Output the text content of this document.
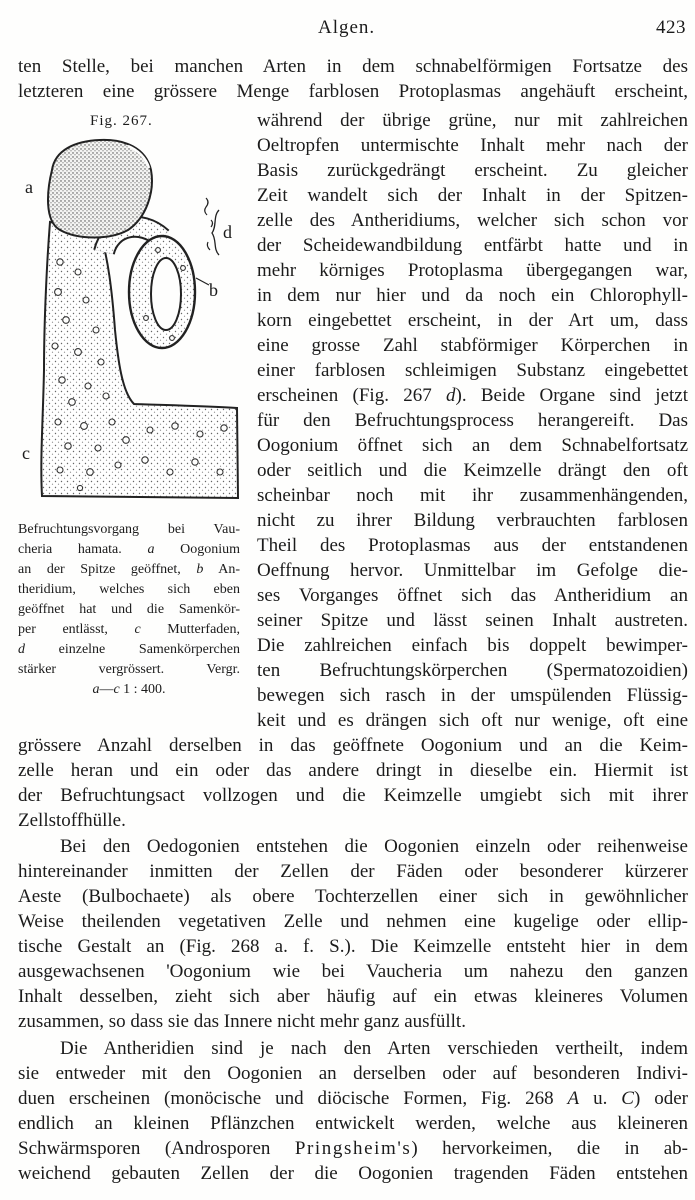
Algen.	423
ten Stelle, bei manchen Arten in dem schnabelförmigen Fortsatze des
letzteren eine grössere Menge farblosen Protoplasmas angehäuft erscheint,
Fig. 267.
a
b
c
d
Befruchtungsvorgang bei Vau-
cheria hamata. a Oogonium
an der Spitze geöffnet, b An-
theridium, welches sich eben
geöffnet hat und die Samenkör-
per entlässt, c Mutterfaden,
d einzelne Samenkörperchen
stärker vergrössert. Vergr.
a—c 1 : 400.
während der übrige grüne, nur mit zahlreichen
Oeltropfen untermischte Inhalt mehr nach der
Basis zurückgedrängt erscheint. Zu gleicher
Zeit wandelt sich der Inhalt in der Spitzen-
zelle des Antheridiums, welcher sich schon vor
der Scheidewandbildung entfärbt hatte und in
mehr körniges Protoplasma übergegangen war,
in dem nur hier und da noch ein Chlorophyll-
korn eingebettet erscheint, in der Art um, dass
eine grosse Zahl stabförmiger Körperchen in
einer farblosen schleimigen Substanz eingebettet
erscheinen (Fig. 267 d). Beide Organe sind jetzt
für den Befruchtungsprocess herangereift. Das
Oogonium öffnet sich an dem Schnabelfortsatz
oder seitlich und die Keimzelle drängt den oft
scheinbar noch mit ihr zusammenhängenden,
nicht zu ihrer Bildung verbrauchten farblosen
Theil des Protoplasmas aus der entstandenen
Oeffnung hervor. Unmittelbar im Gefolge die-
ses Vorganges öffnet sich das Antheridium an
seiner Spitze und lässt seinen Inhalt austreten.
Die zahlreichen einfach bis doppelt bewimper-
ten Befruchtungskörperchen (Spermatozoidien)
bewegen sich rasch in der umspülenden Flüssig-
keit und es drängen sich oft nur wenige, oft eine
grössere Anzahl derselben in das geöffnete Oogonium und an die Keim-
zelle heran und ein oder das andere dringt in dieselbe ein. Hiermit ist
der Befruchtungsact vollzogen und die Keimzelle umgiebt sich mit ihrer
Zellstoffhülle.
Bei den Oedogonien entstehen die Oogonien einzeln oder reihenweise
hintereinander inmitten der Zellen der Fäden oder besonderer kürzerer
Aeste (Bulbochaete) als obere Tochterzellen einer sich in gewöhnlicher
Weise theilenden vegetativen Zelle und nehmen eine kugelige oder ellip-
tische Gestalt an (Fig. 268 a. f. S.). Die Keimzelle entsteht hier in dem
ausgewachsenen 'Oogonium wie bei Vaucheria um nahezu den ganzen
Inhalt desselben, zieht sich aber häufig auf ein etwas kleineres Volumen
zusammen, so dass sie das Innere nicht mehr ganz ausfüllt.
Die Antheridien sind je nach den Arten verschieden vertheilt, indem
sie entweder mit den Oogonien an derselben oder auf besonderen Indivi-
duen erscheinen (monöcische und diöcische Formen, Fig. 268 A u. C) oder
endlich an kleinen Pflänzchen entwickelt werden, welche aus kleineren
Schwärmsporen (Androsporen Pringsheim's) hervorkeimen, die in ab-
weichend gebauten Zellen der die Oogonien tragenden Fäden entstehen
